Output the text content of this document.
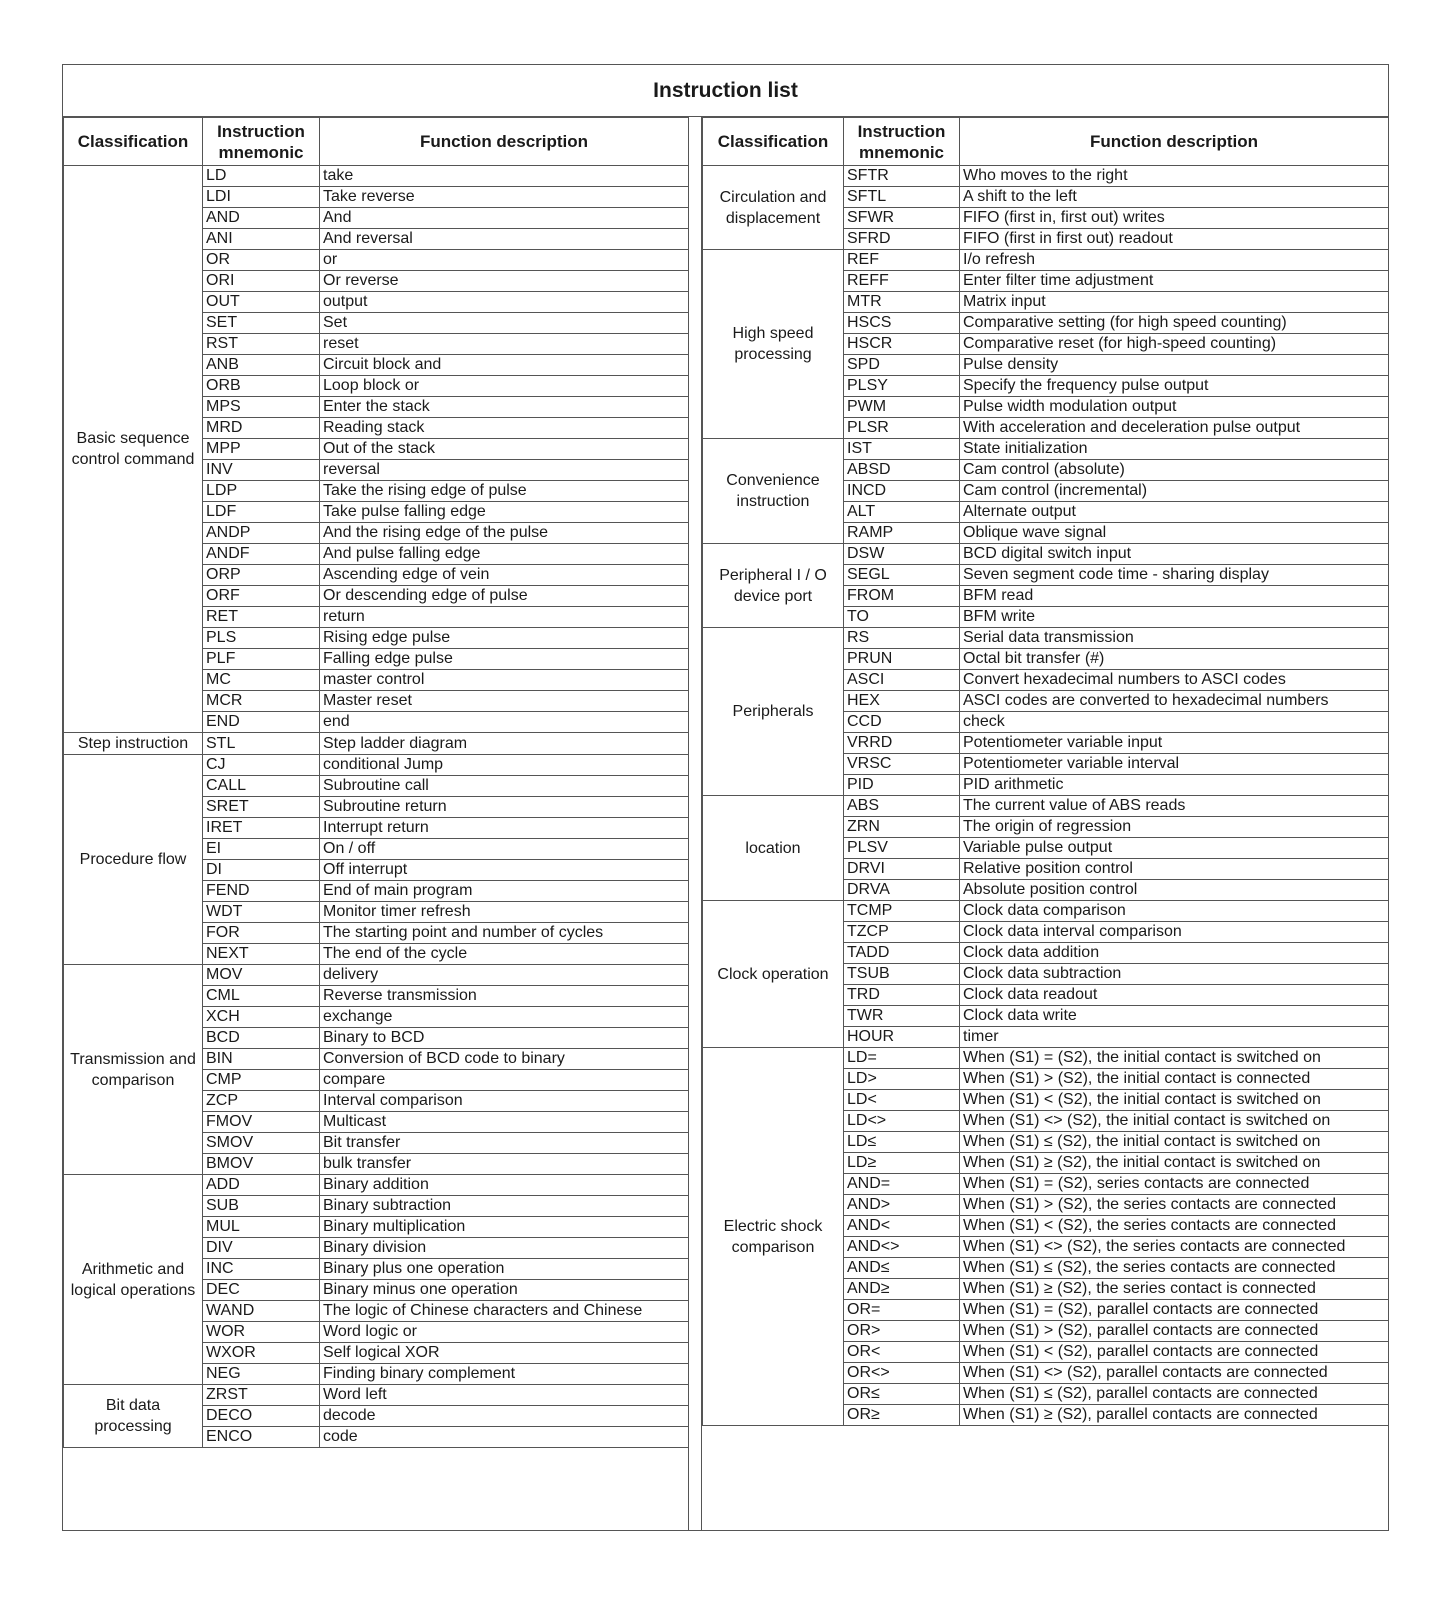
Instruction list
Classification	Instruction mnemonic	Function description
Basic sequence control command	LD	take
	LDI	Take reverse
	AND	And
	ANI	And reversal
	OR	or
	ORI	Or reverse
	OUT	output
	SET	Set
	RST	reset
	ANB	Circuit block and
	ORB	Loop block or
	MPS	Enter the stack
	MRD	Reading stack
	MPP	Out of the stack
	INV	reversal
	LDP	Take the rising edge of pulse
	LDF	Take pulse falling edge
	ANDP	And the rising edge of the pulse
	ANDF	And pulse falling edge
	ORP	Ascending edge of vein
	ORF	Or descending edge of pulse
	RET	return
	PLS	Rising edge pulse
	PLF	Falling edge pulse
	MC	master control
	MCR	Master reset
	END	end
Step instruction	STL	Step ladder diagram
Procedure flow	CJ	conditional Jump
	CALL	Subroutine call
	SRET	Subroutine return
	IRET	Interrupt return
	EI	On / off
	DI	Off interrupt
	FEND	End of main program
	WDT	Monitor timer refresh
	FOR	The starting point and number of cycles
	NEXT	The end of the cycle
Transmission and comparison	MOV	delivery
	CML	Reverse transmission
	XCH	exchange
	BCD	Binary to BCD
	BIN	Conversion of BCD code to binary
	CMP	compare
	ZCP	Interval comparison
	FMOV	Multicast
	SMOV	Bit transfer
	BMOV	bulk transfer
Arithmetic and logical operations	ADD	Binary addition
	SUB	Binary subtraction
	MUL	Binary multiplication
	DIV	Binary division
	INC	Binary plus one operation
	DEC	Binary minus one operation
	WAND	The logic of Chinese characters and Chinese
	WOR	Word logic or
	WXOR	Self logical XOR
	NEG	Finding binary complement
Bit data processing	ZRST	Word left
	DECO	decode
	ENCO	code
Classification	Instruction mnemonic	Function description
Circulation and displacement	SFTR	Who moves to the right
	SFTL	A shift to the left
	SFWR	FIFO (first in, first out) writes
	SFRD	FIFO (first in first out) readout
High speed processing	REF	I/o refresh
	REFF	Enter filter time adjustment
	MTR	Matrix input
	HSCS	Comparative setting (for high speed counting)
	HSCR	Comparative reset (for high-speed counting)
	SPD	Pulse density
	PLSY	Specify the frequency pulse output
	PWM	Pulse width modulation output
	PLSR	With acceleration and deceleration pulse output
Convenience instruction	IST	State initialization
	ABSD	Cam control (absolute)
	INCD	Cam control (incremental)
	ALT	Alternate output
	RAMP	Oblique wave signal
Peripheral I / O device port	DSW	BCD digital switch input
	SEGL	Seven segment code time - sharing display
	FROM	BFM read
	TO	BFM write
Peripherals	RS	Serial data transmission
	PRUN	Octal bit transfer (#)
	ASCI	Convert hexadecimal numbers to ASCI codes
	HEX	ASCI codes are converted to hexadecimal numbers
	CCD	check
	VRRD	Potentiometer variable input
	VRSC	Potentiometer variable interval
	PID	PID arithmetic
location	ABS	The current value of ABS reads
	ZRN	The origin of regression
	PLSV	Variable pulse output
	DRVI	Relative position control
	DRVA	Absolute position control
Clock operation	TCMP	Clock data comparison
	TZCP	Clock data interval comparison
	TADD	Clock data addition
	TSUB	Clock data subtraction
	TRD	Clock data readout
	TWR	Clock data write
	HOUR	timer
Electric shock comparison	LD=	When (S1) = (S2), the initial contact is switched on
	LD>	When (S1) > (S2), the initial contact is connected
	LD<	When (S1) < (S2), the initial contact is switched on
	LD<>	When (S1) <> (S2), the initial contact is switched on
	LD≤	When (S1) ≤ (S2), the initial contact is switched on
	LD≥	When (S1) ≥ (S2), the initial contact is switched on
	AND=	When (S1) = (S2), series contacts are connected
	AND>	When (S1) > (S2), the series contacts are connected
	AND<	When (S1) < (S2), the series contacts are connected
	AND<>	When (S1) <> (S2), the series contacts are connected
	AND≤	When (S1) ≤ (S2), the series contacts are connected
	AND≥	When (S1) ≥ (S2), the series contact is connected
	OR=	When (S1) = (S2), parallel contacts are connected
	OR>	When (S1) > (S2), parallel contacts are connected
	OR<	When (S1) < (S2), parallel contacts are connected
	OR<>	When (S1) <> (S2), parallel contacts are connected
	OR≤	When (S1) ≤ (S2), parallel contacts are connected
	OR≥	When (S1) ≥ (S2), parallel contacts are connected
